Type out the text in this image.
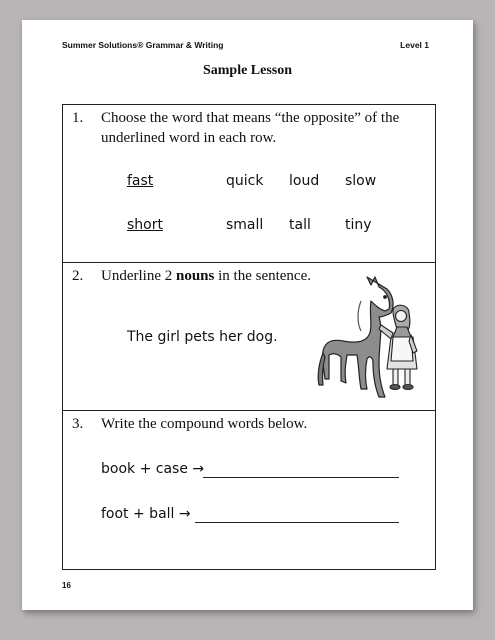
Summer Solutions® Grammar & Writing	Level 1
Sample Lesson
1. Choose the word that means “the opposite” of the
underlined word in each row.
fast	quick loud slow
short	small tall tiny
2. Underline 2 nouns in the sentence.
The girl pets her dog.
3. Write the compound words below.
book + case →
foot + ball →
16
